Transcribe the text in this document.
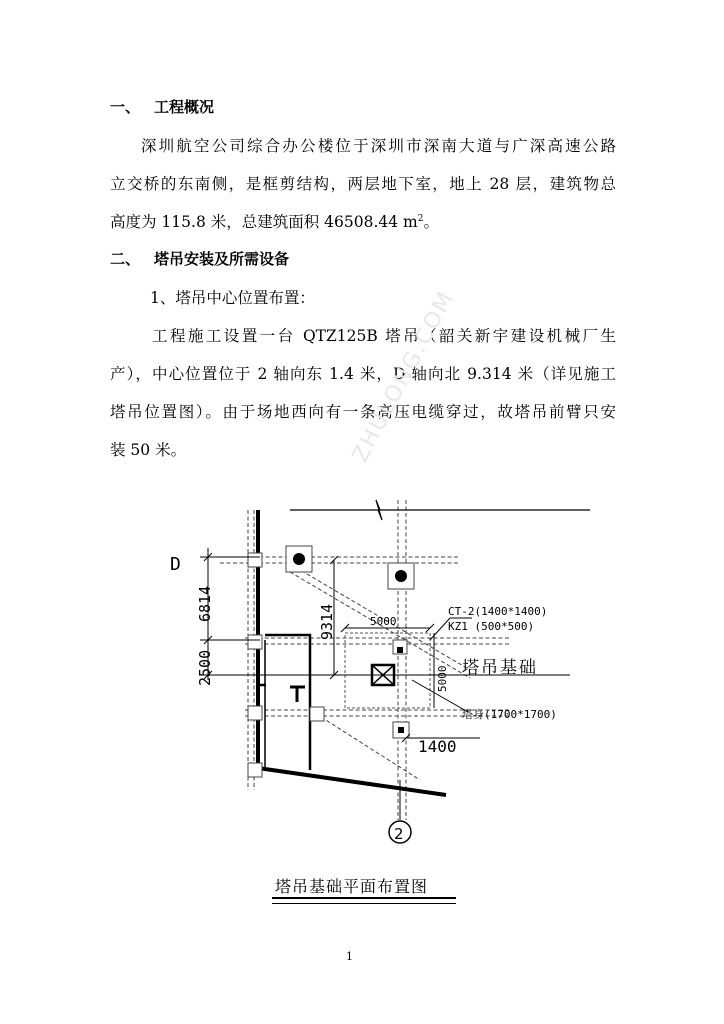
一、 工程概况
深圳航空公司综合办公楼位于深圳市深南大道与广深高速公路
立交桥的东南侧，是框剪结构，两层地下室，地上 28 层，建筑物总
高度为 115.8 米，总建筑面积 46508.44 $m^2$。
二、 塔吊安装及所需设备
1、塔吊中心位置布置：
工程施工设置一台 QTZ125B 塔吊（韶关新宇建设机械厂生
产），中心位置位于 2 轴向东 1.4 米，D 轴向北 9.314 米（详见施工
塔吊位置图）。由于场地西向有一条高压电缆穿过，故塔吊前臂只安
装 50 米。	ZHULONG.COM
D
2
6814
2500
9314	5000
5000
1400
CT-2(1400*1400)
KZ1 (500*500)
塔吊基础
塔身(1700*1700)
塔吊基础平面布置图
1
